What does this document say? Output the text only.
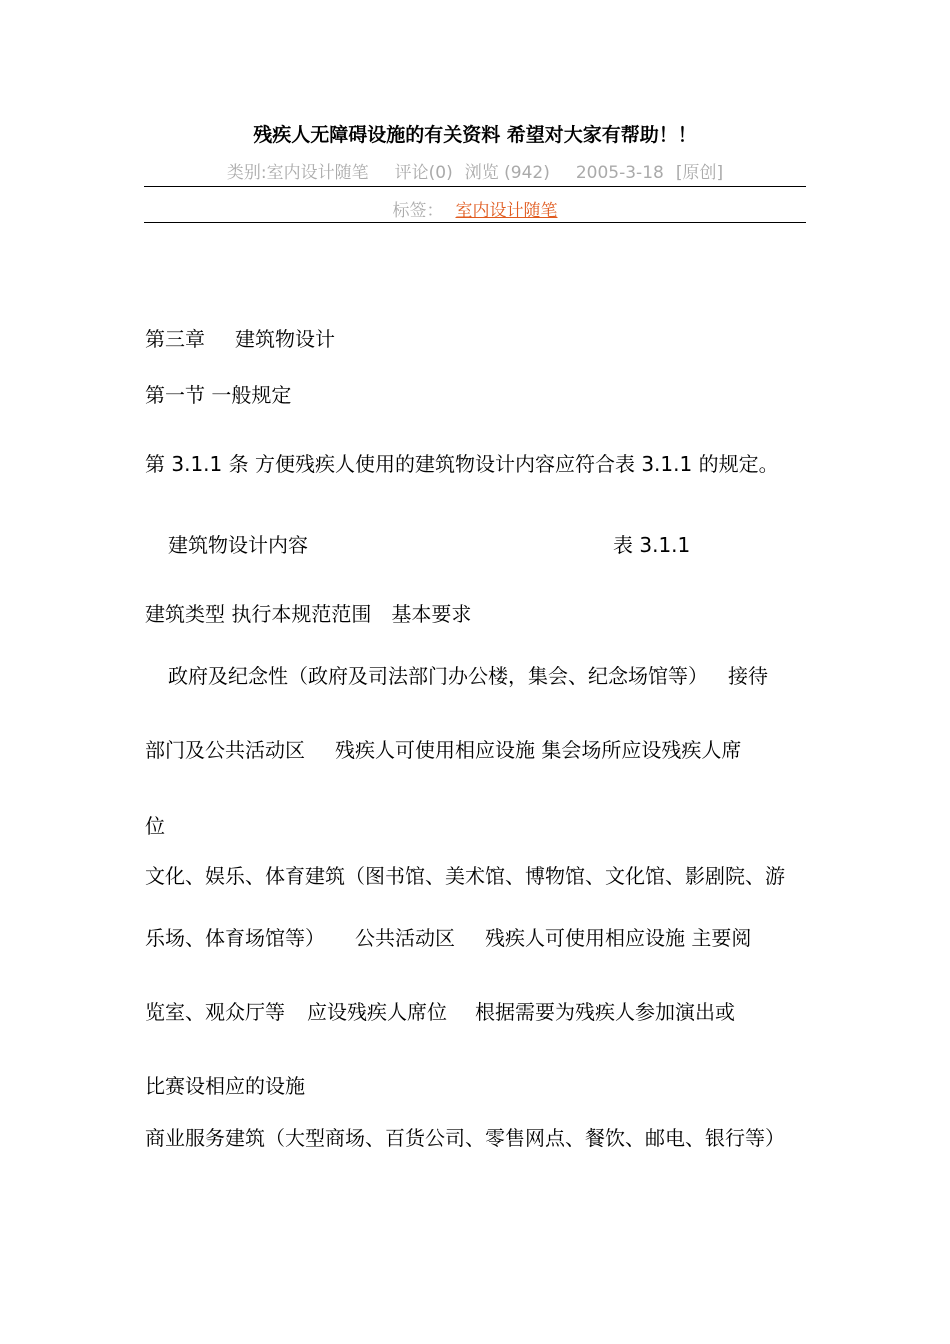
残疾人无障碍设施的有关资料 希望对大家有帮助！！
类别:室内设计随笔 评论(0) 浏览 (942) 2005-3-18 [原创]
标签： 室内设计随笔
第三章 建筑物设计
第一节 一般规定
第 3.1.1 条 方便残疾人使用的建筑物设计内容应符合表 3.1.1 的规定。
建筑物设计内容	表 3.1.1
建筑类型 执行本规范范围 基本要求
政府及纪念性（政府及司法部门办公楼，集会、纪念场馆等） 接待
部门及公共活动区 残疾人可使用相应设施 集会场所应设残疾人席
位
文化、娱乐、体育建筑（图书馆、美术馆、博物馆、文化馆、影剧院、游
乐场、体育场馆等） 公共活动区 残疾人可使用相应设施 主要阅
览室、观众厅等 应设残疾人席位 根据需要为残疾人参加演出或
比赛设相应的设施
商业服务建筑（大型商场、百货公司、零售网点、餐饮、邮电、银行等）
